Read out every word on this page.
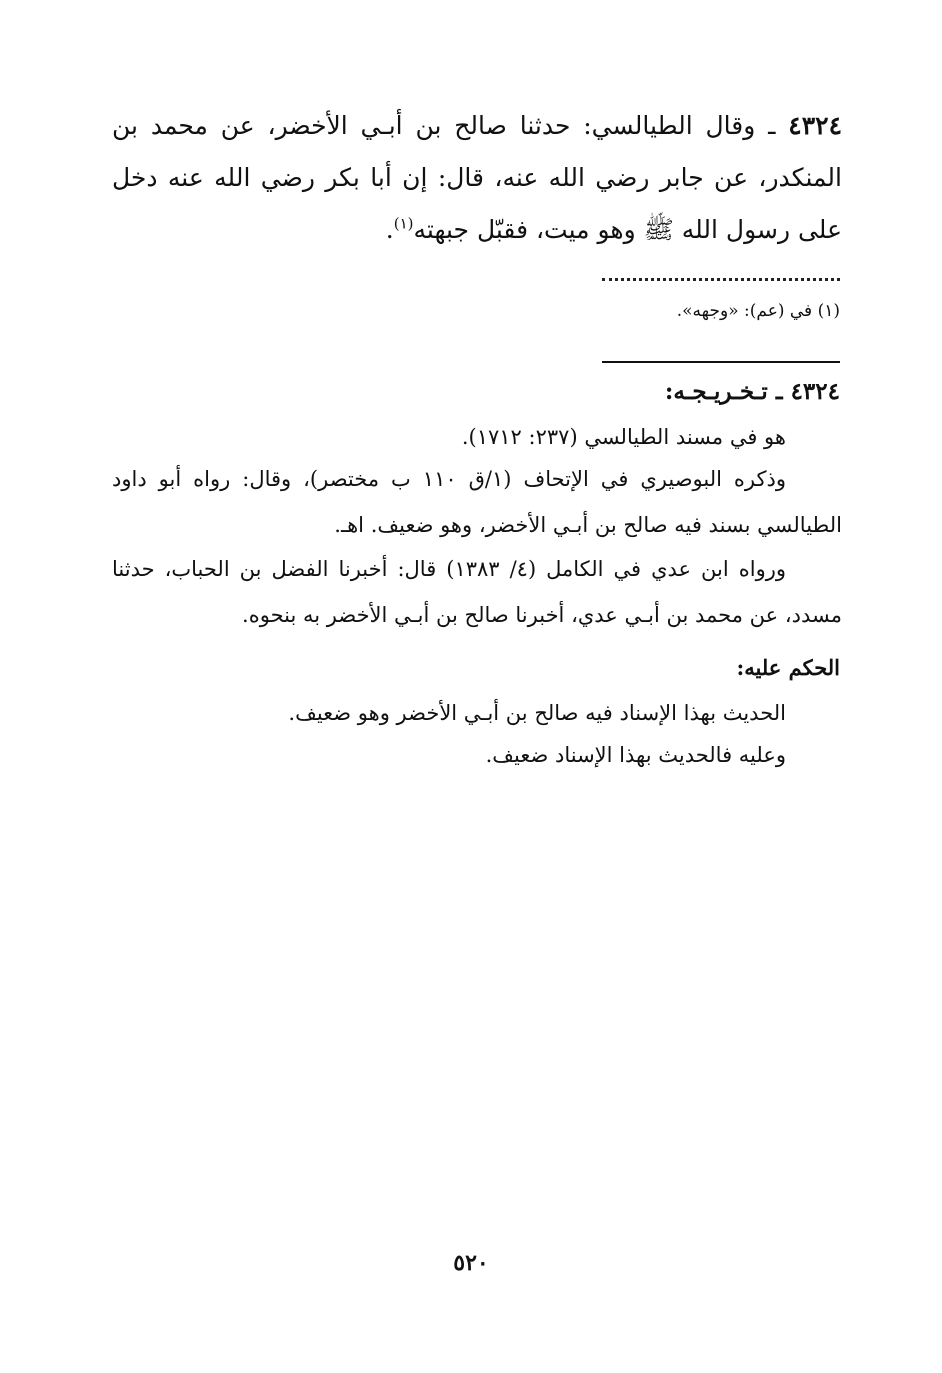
٤٣٢٤ ـ وقال الطيالسي: حدثنا صالح بن أبـي الأخضر، عن محمد بن المنكدر، عن جابر رضي الله عنه، قال: إن أبا بكر رضي الله عنه دخل على رسول الله ﷺ وهو ميت، فقبّل جبهته$^{(١)}$.
(١) في (عم): «وجهه».
٤٣٢٤ ـ تـخـريـجـه:
هو في مسند الطيالسي (٢٣٧: ١٧١٢).
وذكره البوصيري في الإتحاف (١/ق ١١٠ ب مختصر)، وقال: رواه أبو داود الطيالسي بسند فيه صالح بن أبـي الأخضر، وهو ضعيف. اهـ.
ورواه ابن عدي في الكامل (٤/ ١٣٨٣) قال: أخبرنا الفضل بن الحباب، حدثنا مسدد، عن محمد بن أبـي عدي، أخبرنا صالح بن أبـي الأخضر به بنحوه.
الحكم عليه:
الحديث بهذا الإسناد فيه صالح بن أبـي الأخضر وهو ضعيف.
وعليه فالحديث بهذا الإسناد ضعيف.
٥٢٠
